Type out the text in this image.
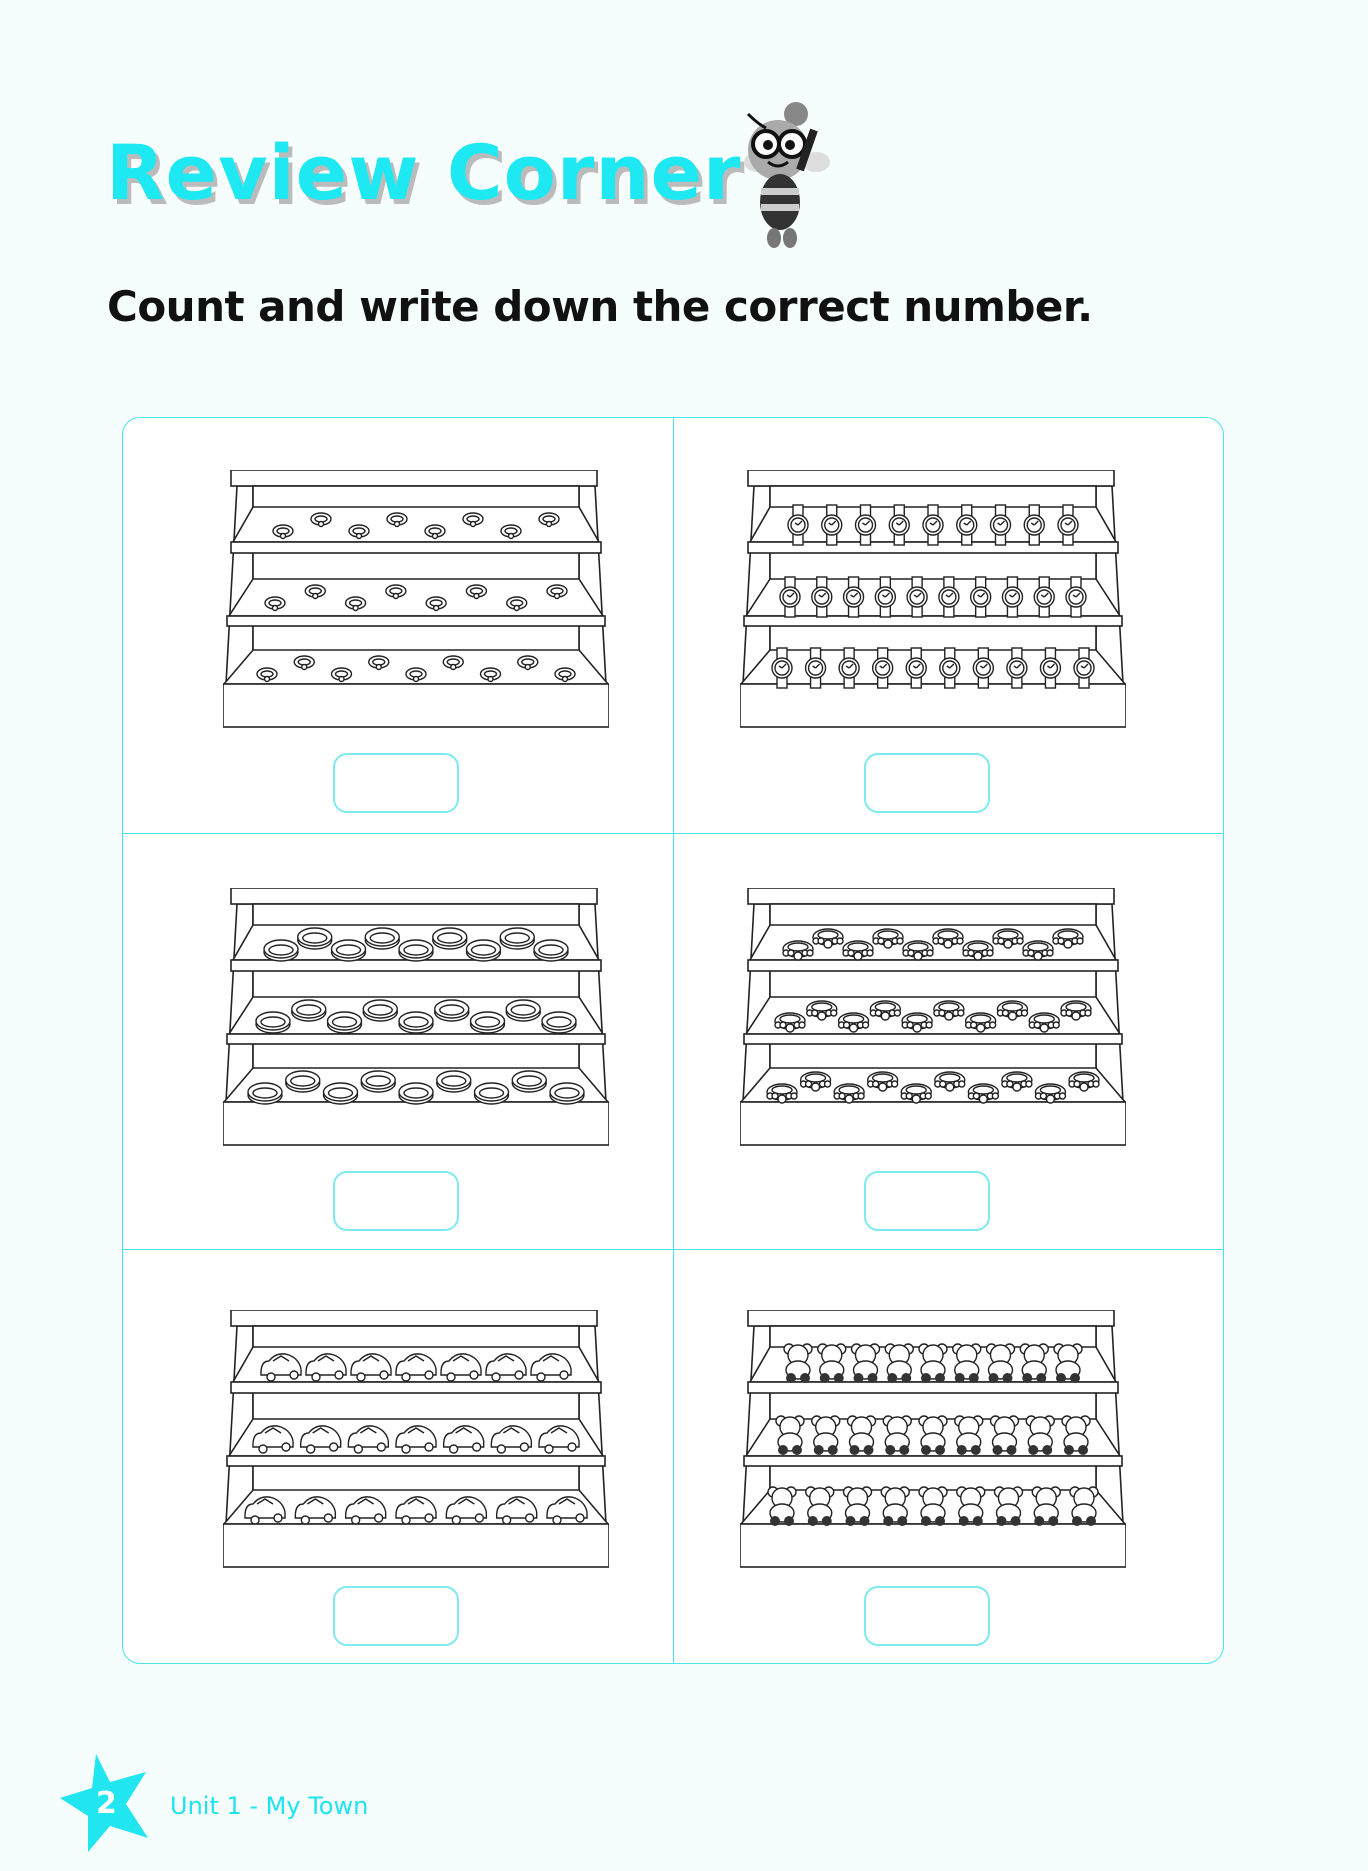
Review Corner
Count and write down the correct number.
2 Unit 1 - My Town
